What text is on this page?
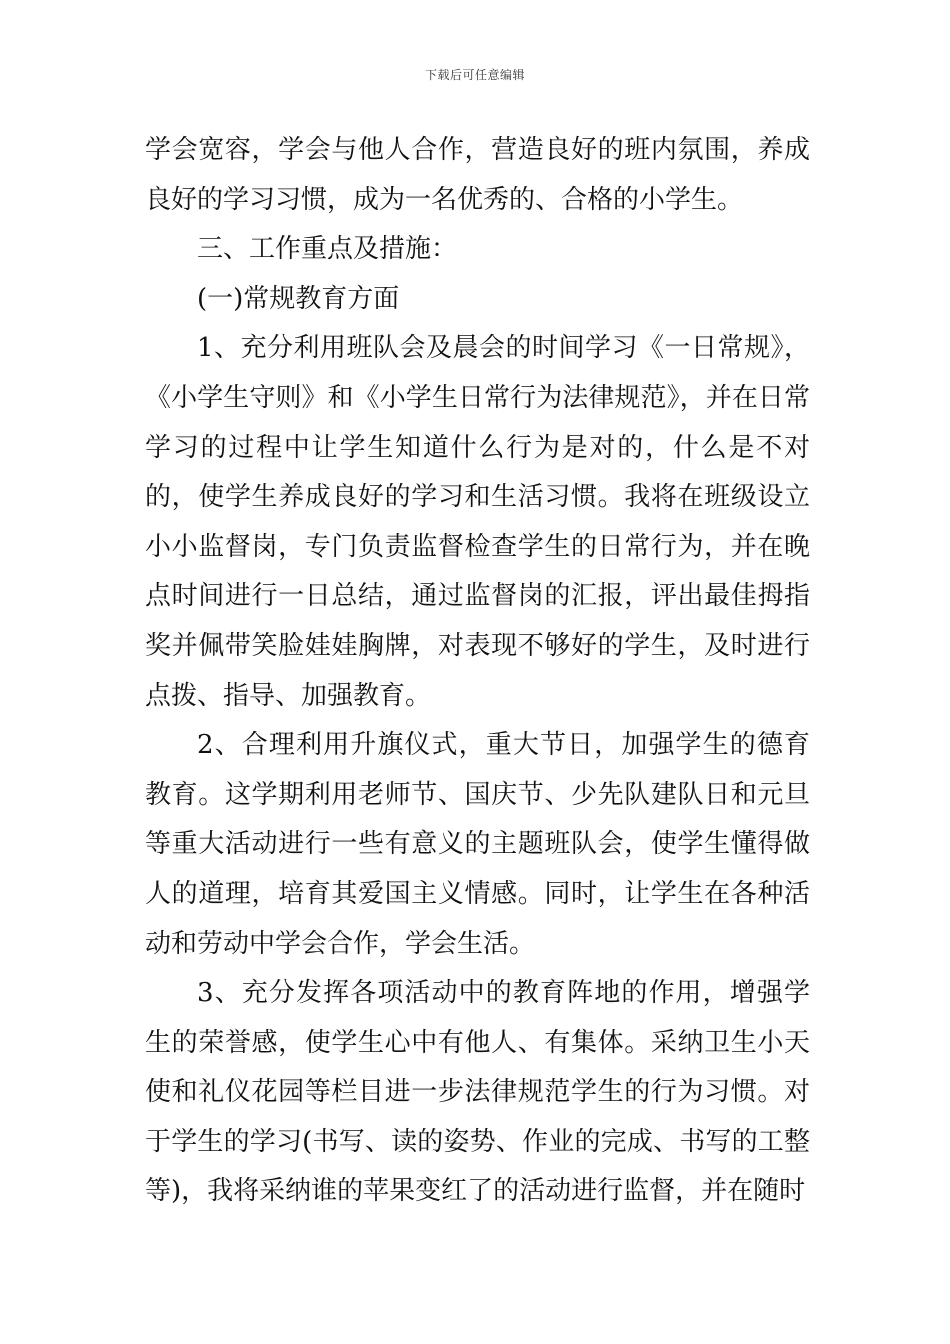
下载后可任意编辑

学会宽容，学会与他人合作，营造良好的班内氛围，养成良好的学习习惯，成为一名优秀的、合格的小学生。

三、工作重点及措施：

(一)常规教育方面

1、充分利用班队会及晨会的时间学习《一日常规》，《小学生守则》和《小学生日常行为法律规范》，并在日常学习的过程中让学生知道什么行为是对的，什么是不对的，使学生养成良好的学习和生活习惯。我将在班级设立小小监督岗，专门负责监督检查学生的日常行为，并在晚点时间进行一日总结，通过监督岗的汇报，评出最佳拇指奖并佩带笑脸娃娃胸牌，对表现不够好的学生，及时进行点拨、指导、加强教育。

2、合理利用升旗仪式，重大节日，加强学生的德育教育。这学期利用老师节、国庆节、少先队建队日和元旦等重大活动进行一些有意义的主题班队会，使学生懂得做人的道理，培育其爱国主义情感。同时，让学生在各种活动和劳动中学会合作，学会生活。

3、充分发挥各项活动中的教育阵地的作用，增强学生的荣誉感，使学生心中有他人、有集体。采纳卫生小天使和礼仪花园等栏目进一步法律规范学生的行为习惯。对于学生的学习(书写、读的姿势、作业的完成、书写的工整等)，我将采纳谁的苹果变红了的活动进行监督，并在随时
